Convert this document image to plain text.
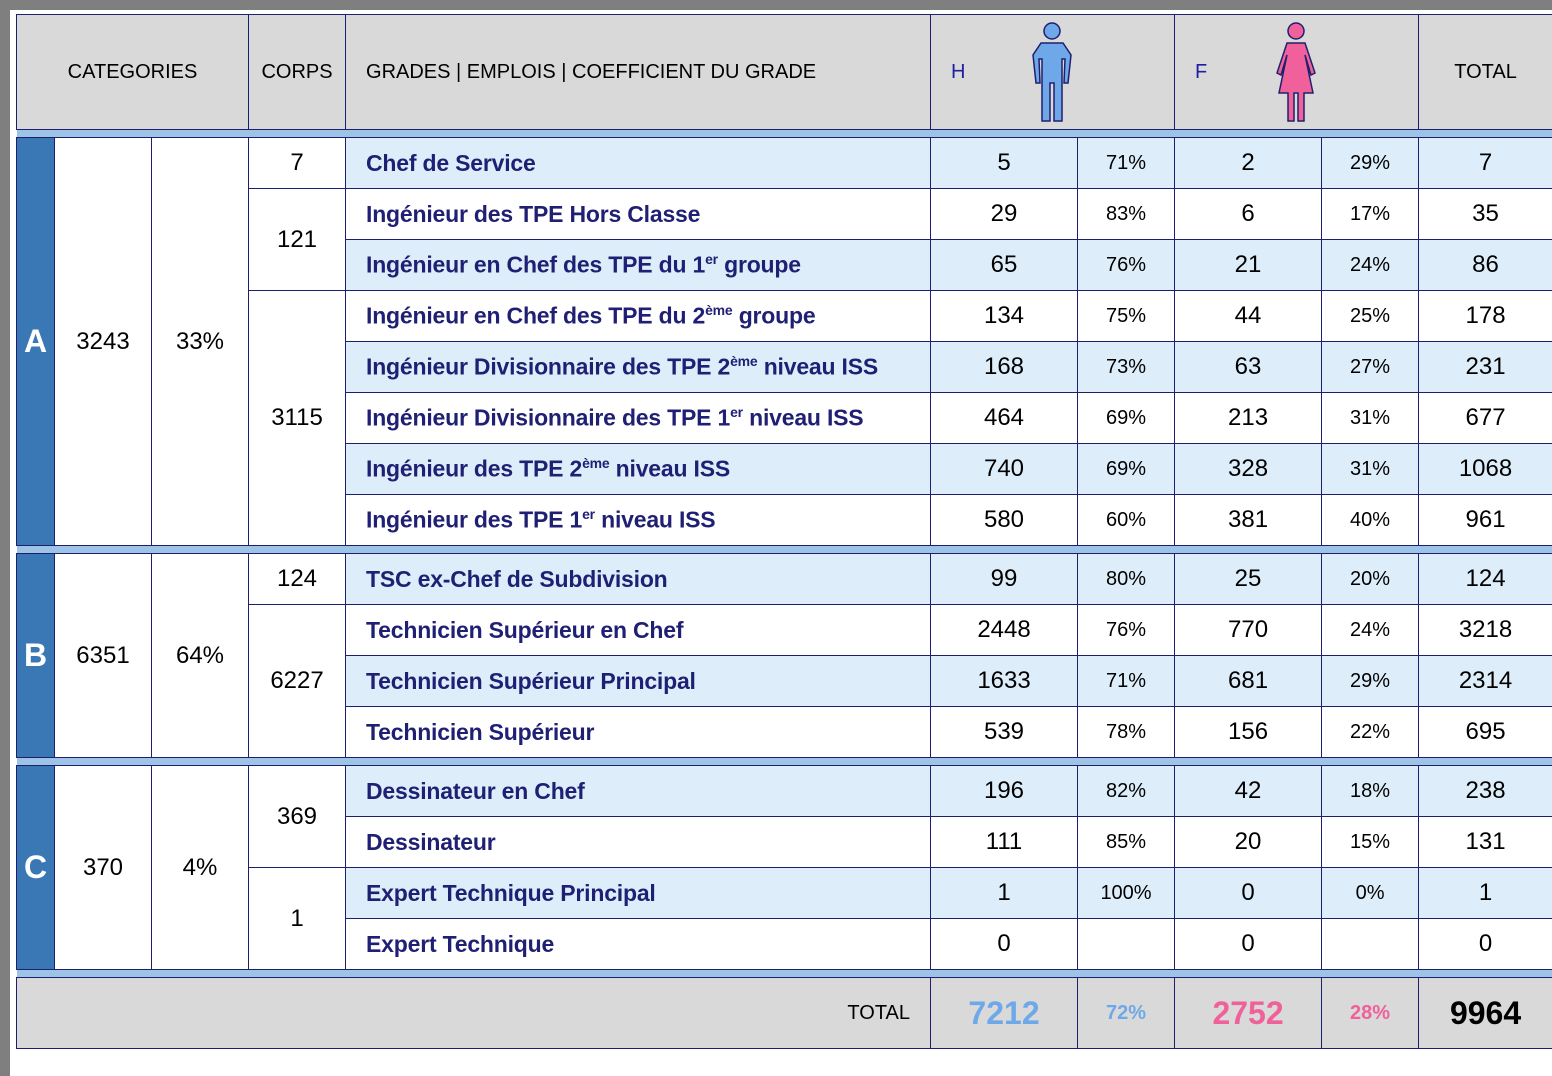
CATEGORIES			CORPS	GRADES | EMPLOIS | COEFFICIENT DU GRADE	H		F		TOTAL

A	3243	33%	7	Chef de Service	5	71%	2	29%	7
			121	Ingénieur des TPE Hors Classe	29	83%	6	17%	35
				Ingénieur en Chef des TPE du 1er groupe	65	76%	21	24%	86
			3115	Ingénieur en Chef des TPE du 2ème groupe	134	75%	44	25%	178
				Ingénieur Divisionnaire des TPE 2ème niveau ISS	168	73%	63	27%	231
				Ingénieur Divisionnaire des TPE 1er niveau ISS	464	69%	213	31%	677
				Ingénieur des TPE 2ème niveau ISS	740	69%	328	31%	1068
				Ingénieur des TPE 1er niveau ISS	580	60%	381	40%	961

B	6351	64%	124	TSC ex-Chef de Subdivision	99	80%	25	20%	124
			6227	Technicien Supérieur en Chef	2448	76%	770	24%	3218
				Technicien Supérieur Principal	1633	71%	681	29%	2314
				Technicien Supérieur	539	78%	156	22%	695

C	370	4%	369	Dessinateur en Chef	196	82%	42	18%	238
				Dessinateur	111	85%	20	15%	131
			1	Expert Technique Principal	1	100%	0	0%	1
				Expert Technique	0		0		0

TOTAL					7212	72%	2752	28%	9964
